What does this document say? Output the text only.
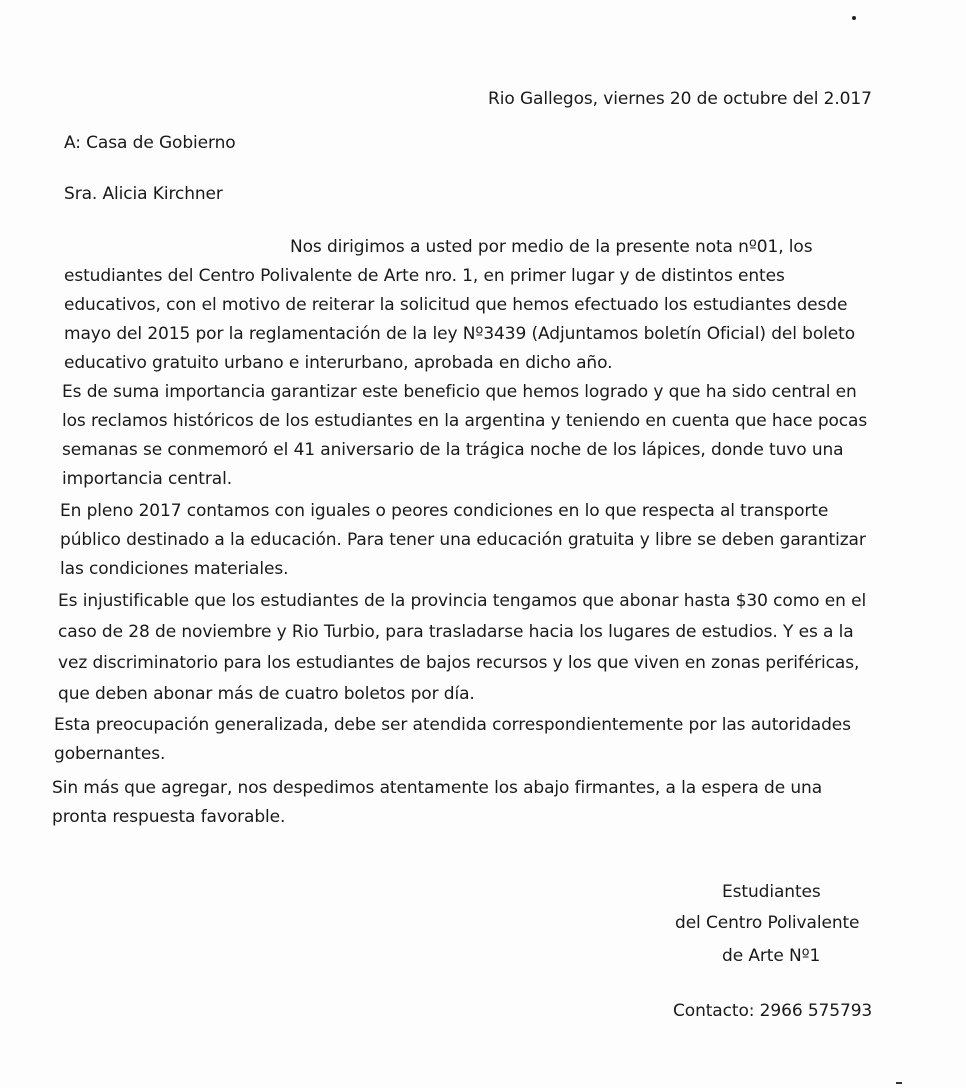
Rio Gallegos, viernes 20 de octubre del 2.017
A: Casa de Gobierno
Sra. Alicia Kirchner
Nos dirigimos a usted por medio de la presente nota nº01, los
estudiantes del Centro Polivalente de Arte nro. 1, en primer lugar y de distintos entes
educativos, con el motivo de reiterar la solicitud que hemos efectuado los estudiantes desde
mayo del 2015 por la reglamentación de la ley Nº3439 (Adjuntamos boletín Oficial) del boleto
educativo gratuito urbano e interurbano, aprobada en dicho año.
Es de suma importancia garantizar este beneficio que hemos logrado y que ha sido central en
los reclamos históricos de los estudiantes en la argentina y teniendo en cuenta que hace pocas
semanas se conmemoró el 41 aniversario de la trágica noche de los lápices, donde tuvo una
importancia central.
En pleno 2017 contamos con iguales o peores condiciones en lo que respecta al transporte
público destinado a la educación. Para tener una educación gratuita y libre se deben garantizar
las condiciones materiales.
Es injustificable que los estudiantes de la provincia tengamos que abonar hasta $30 como en el
caso de 28 de noviembre y Rio Turbio, para trasladarse hacia los lugares de estudios. Y es a la
vez discriminatorio para los estudiantes de bajos recursos y los que viven en zonas periféricas,
que deben abonar más de cuatro boletos por día.
Esta preocupación generalizada, debe ser atendida correspondientemente por las autoridades
gobernantes.
Sin más que agregar, nos despedimos atentamente los abajo firmantes, a la espera de una
pronta respuesta favorable.
Estudiantes
del Centro Polivalente
de Arte Nº1
Contacto: 2966 575793
